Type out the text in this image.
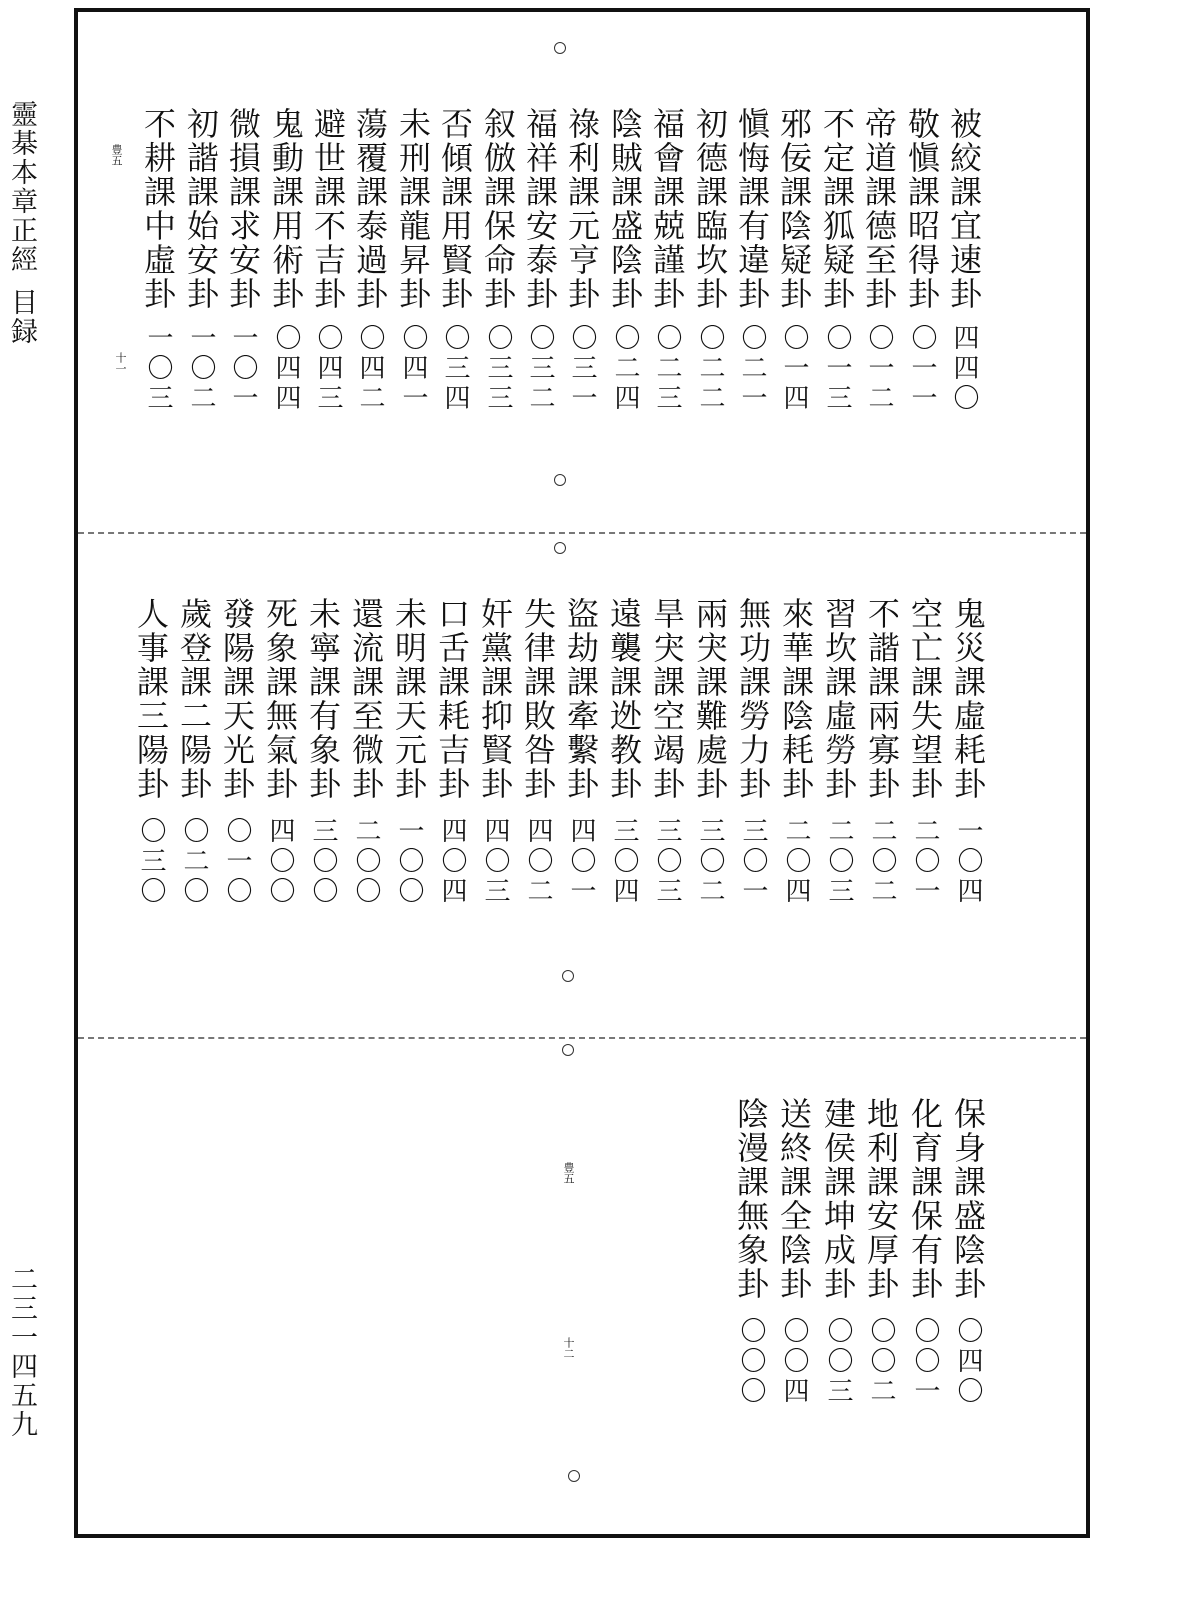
靈棊本章正經目録
二三一四五九
豊五
十一
豊五
十二
被絞課宜速卦
四四〇
敬愼課昭得卦
〇一一
帝道課德至卦
〇一二
不定課狐疑卦
〇一三
邪佞課陰疑卦
〇一四
愼悔課有違卦
〇二一
初德課臨坎卦
〇二二
福會課兢謹卦
〇二三
陰賊課盛陰卦
〇二四
祿利課元亨卦
〇三一
福祥課安泰卦
〇三二
叙倣課保命卦
〇三三
否傾課用賢卦
〇三四
未刑課龍昇卦
〇四一
蕩覆課泰過卦
〇四二
避世課不吉卦
〇四三
鬼動課用術卦
〇四四
微損課求安卦
一〇一
初諧課始安卦
一〇二
不耕課中虛卦
一〇三
鬼災課虛耗卦
一〇四
空亡課失望卦
二〇一
不諧課兩寡卦
二〇二
習坎課虛勞卦
二〇三
來華課陰耗卦
二〇四
無功課勞力卦
三〇一
兩宊課難處卦
三〇二
旱宊課空竭卦
三〇三
遠襲課迯教卦
三〇四
盜劫課牽繫卦
四〇一
失律課敗咎卦
四〇二
奸黨課抑賢卦
四〇三
口舌課耗吉卦
四〇四
未明課天元卦
一〇〇
還流課至微卦
二〇〇
未寧課有象卦
三〇〇
死象課無氣卦
四〇〇
發陽課天光卦
〇一〇
歲登課二陽卦
〇二〇
人事課三陽卦
〇三〇
保身課盛陰卦
〇四〇
化育課保有卦
〇〇一
地利課安厚卦
〇〇二
建侯課坤成卦
〇〇三
送終課全陰卦
〇〇四
陰漫課無象卦
〇〇〇
